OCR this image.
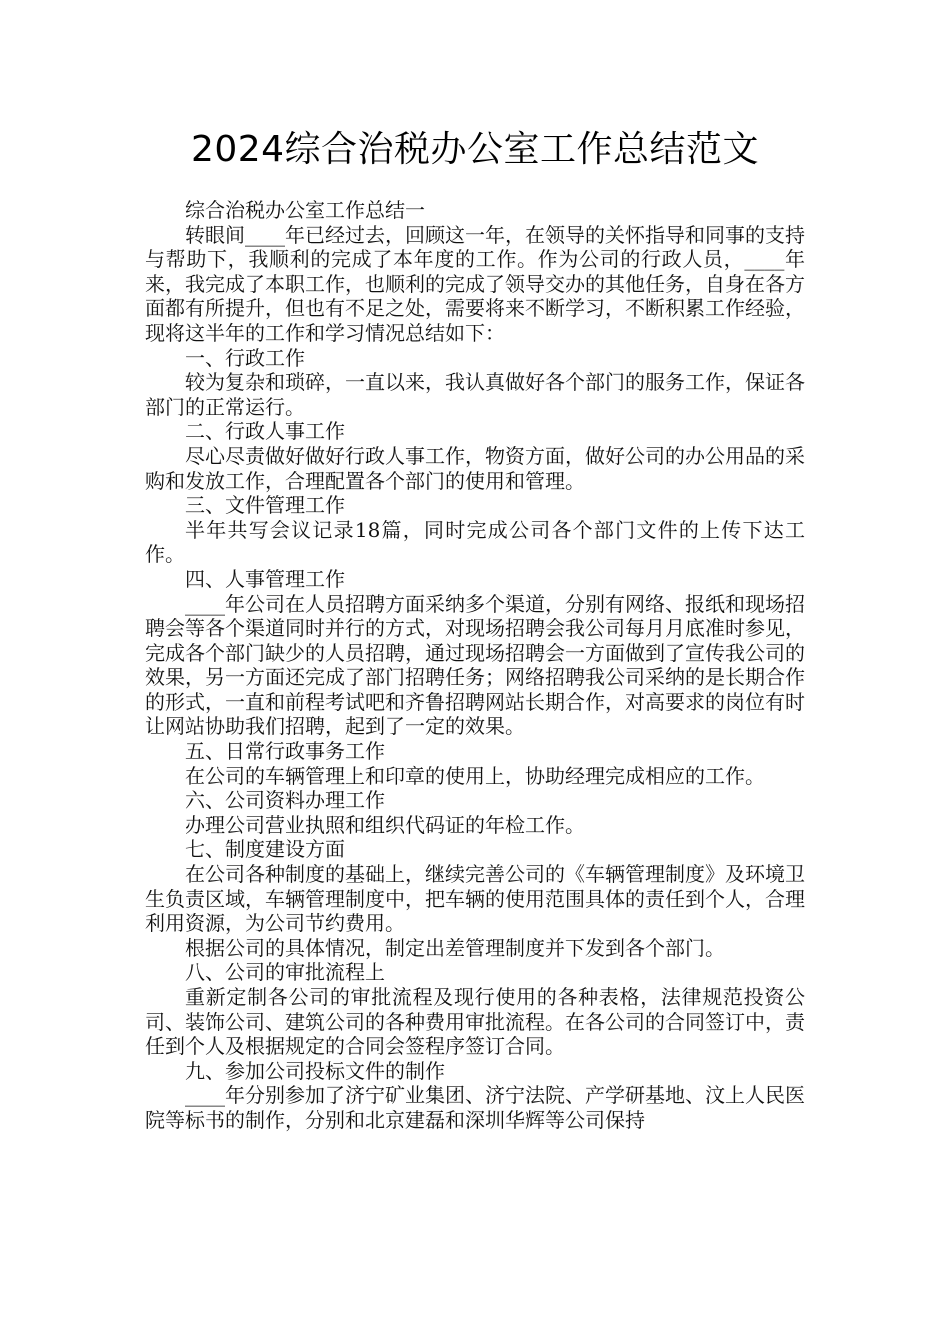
2024综合治税办公室工作总结范文

综合治税办公室工作总结一

转眼间____年已经过去，回顾这一年，在领导的关怀指导和同事的支持与帮助下，我顺利的完成了本年度的工作。作为公司的行政人员，____年来，我完成了本职工作，也顺利的完成了领导交办的其他任务，自身在各方面都有所提升，但也有不足之处，需要将来不断学习，不断积累工作经验，现将这半年的工作和学习情况总结如下：

一、行政工作

较为复杂和琐碎，一直以来，我认真做好各个部门的服务工作，保证各部门的正常运行。

二、行政人事工作

尽心尽责做好做好行政人事工作，物资方面，做好公司的办公用品的采购和发放工作，合理配置各个部门的使用和管理。

三、文件管理工作

半年共写会议记录18篇，同时完成公司各个部门文件的上传下达工作。

四、人事管理工作

____年公司在人员招聘方面采纳多个渠道，分别有网络、报纸和现场招聘会等各个渠道同时并行的方式，对现场招聘会我公司每月月底准时参见，完成各个部门缺少的人员招聘，通过现场招聘会一方面做到了宣传我公司的效果，另一方面还完成了部门招聘任务；网络招聘我公司采纳的是长期合作的形式，一直和前程考试吧和齐鲁招聘网站长期合作，对高要求的岗位有时让网站协助我们招聘，起到了一定的效果。

五、日常行政事务工作

在公司的车辆管理上和印章的使用上，协助经理完成相应的工作。

六、公司资料办理工作

办理公司营业执照和组织代码证的年检工作。

七、制度建设方面

在公司各种制度的基础上，继续完善公司的《车辆管理制度》及环境卫生负责区域，车辆管理制度中，把车辆的使用范围具体的责任到个人，合理利用资源，为公司节约费用。

根据公司的具体情况，制定出差管理制度并下发到各个部门。

八、公司的审批流程上

重新定制各公司的审批流程及现行使用的各种表格，法律规范投资公司、装饰公司、建筑公司的各种费用审批流程。在各公司的合同签订中，责任到个人及根据规定的合同会签程序签订合同。

九、参加公司投标文件的制作

____年分别参加了济宁矿业集团、济宁法院、产学研基地、汶上人民医院等标书的制作，分别和北京建磊和深圳华辉等公司保持
